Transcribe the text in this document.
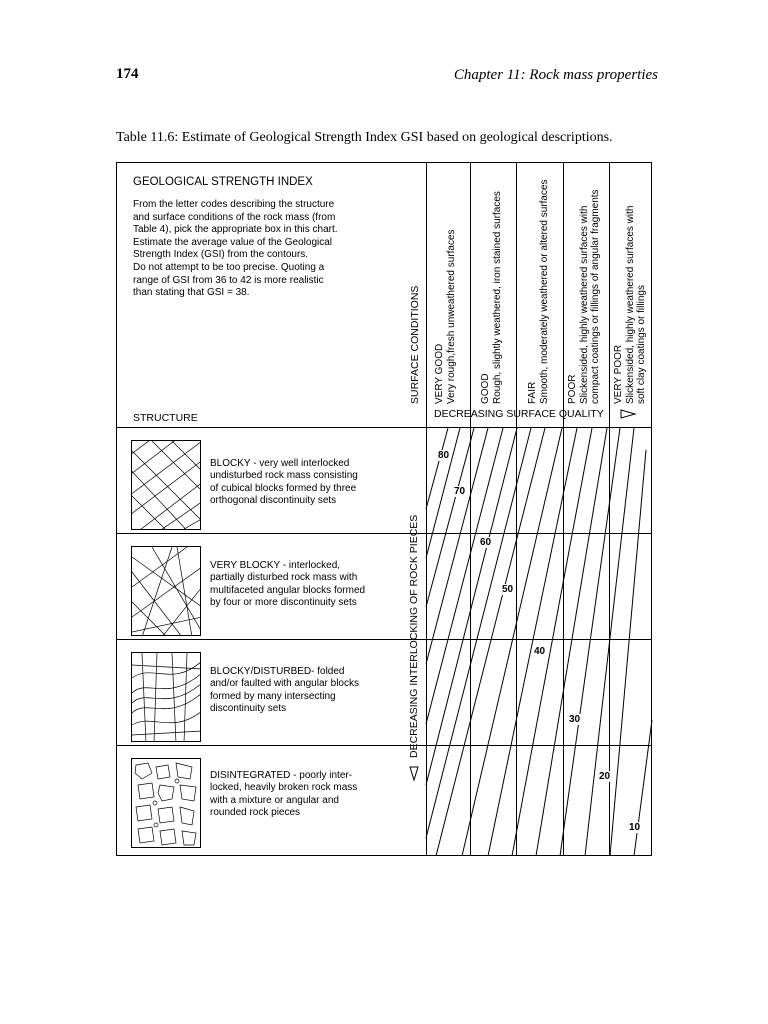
174	Chapter 11: Rock mass properties
Table 11.6: Estimate of Geological Strength Index GSI based on geological descriptions.
GEOLOGICAL STRENGTH INDEX
From the letter codes describing the structure
and surface conditions of the rock mass (from
Table 4), pick the appropriate box in this chart.
Estimate the average value of the Geological
Strength Index (GSI) from the contours.
Do not attempt to be too precise. Quoting a
range of GSI from 36 to 42 is more realistic
than stating that GSI = 38.
STRUCTURE
SURFACE CONDITIONS
DECREASING INTERLOCKING OF ROCK PIECES
VERY GOOD Very rough,fresh unweathered surfaces GOOD Rough, slightly weathered, iron stained surfaces FAIR Smooth, moderately weathered or altered surfaces POOR Slickensided, highly weathered surfaces with compact coatings or fillings of angular fragments VERY POOR Slickensided, highly weathered surfaces with soft clay coatings or fillings
DECREASING SURFACE QUALITY
BLOCKY - very well interlocked
undisturbed rock mass consisting
of cubical blocks formed by three
orthogonal discontinuity sets
VERY BLOCKY - interlocked,
partially disturbed rock mass with
multifaceted angular blocks formed
by four or more discontinuity sets
BLOCKY/DISTURBED- folded
and/or faulted with angular blocks
formed by many intersecting
discontinuity sets
DISINTEGRATED - poorly inter-
locked, heavily broken rock mass
with a mixture or angular and
rounded rock pieces
80
70
60
50
40
30
20
10
